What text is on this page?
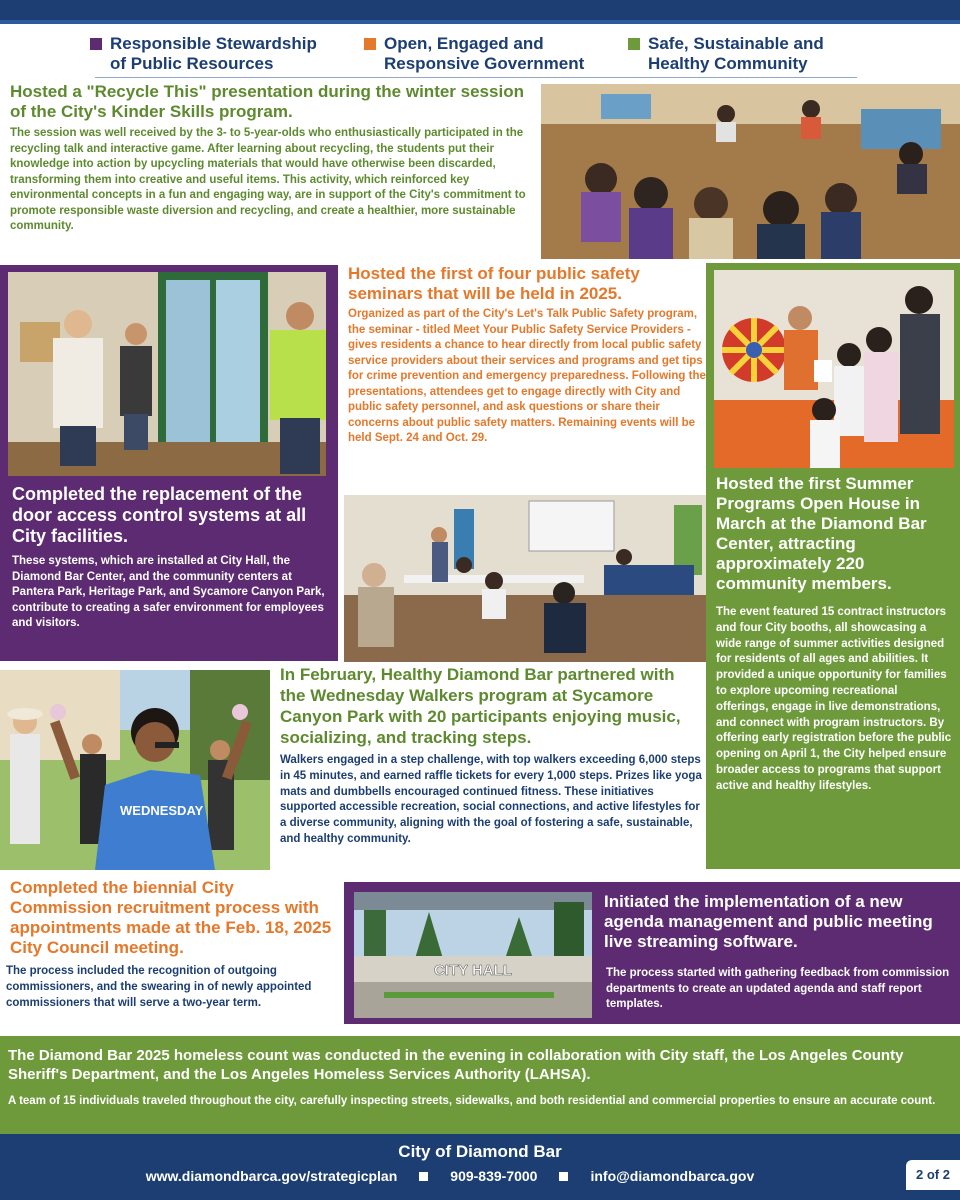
Responsible Stewardship
of Public Resources
Open, Engaged and
Responsive Government
Safe, Sustainable and
Healthy Community
Hosted a "Recycle This" presentation during the winter session of the City's Kinder Skills program.
The session was well received by the 3- to 5-year-olds who enthusiastically participated in the recycling talk and interactive game. After learning about recycling, the students put their knowledge into action by upcycling materials that would have otherwise been discarded, transforming them into creative and useful items. This activity, which reinforced key environmental concepts in a fun and engaging way, are in support of the City's commitment to promote responsible waste diversion and recycling, and create a healthier, more sustainable community.
Completed the replacement of the door access control systems at all City facilities.
These systems, which are installed at City Hall, the Diamond Bar Center, and the community centers at Pantera Park, Heritage Park, and Sycamore Canyon Park, contribute to creating a safer environment for employees and visitors.
Hosted the first of four public safety seminars that will be held in 2025.
Organized as part of the City's Let's Talk Public Safety program, the seminar - titled Meet Your Public Safety Service Providers - gives residents a chance to hear directly from local public safety service providers about their services and programs and get tips for crime prevention and emergency preparedness. Following the presentations, attendees get to engage directly with City and public safety personnel, and ask questions or share their concerns about public safety matters. Remaining events will be held Sept. 24 and Oct. 29.
Hosted the first Summer Programs Open House in March at the Diamond Bar Center, attracting approximately 220 community members.
The event featured 15 contract instructors and four City booths, all showcasing a wide range of summer activities designed for residents of all ages and abilities. It provided a unique opportunity for families to explore upcoming recreational offerings, engage in live demonstrations, and connect with program instructors. By offering early registration before the public opening on April 1, the City helped ensure broader access to programs that support active and healthy lifestyles.
WEDNESDAY
In February, Healthy Diamond Bar partnered with the Wednesday Walkers program at Sycamore Canyon Park with 20 participants enjoying music, socializing, and tracking steps.
Walkers engaged in a step challenge, with top walkers exceeding 6,000 steps in 45 minutes, and earned raffle tickets for every 1,000 steps. Prizes like yoga mats and dumbbells encouraged continued fitness. These initiatives supported accessible recreation, social connections, and active lifestyles for a diverse community, aligning with the goal of fostering a safe, sustainable, and healthy community.
Completed the biennial City Commission recruitment process with appointments made at the Feb. 18, 2025 City Council meeting.
The process included the recognition of outgoing commissioners, and the swearing in of newly appointed commissioners that will serve a two-year term.
CITY HALL
Initiated the implementation of a new agenda management and public meeting live streaming software.
The process started with gathering feedback from commission departments to create an updated agenda and staff report templates.
The Diamond Bar 2025 homeless count was conducted in the evening in collaboration with City staff, the Los Angeles County Sheriff's Department, and the Los Angeles Homeless Services Authority (LAHSA).
A team of 15 individuals traveled throughout the city, carefully inspecting streets, sidewalks, and both residential and commercial properties to ensure an accurate count.
City of Diamond Bar
www.diamondbarca.gov/strategicplan	909-839-7000	info@diamondbarca.gov	2 of 2
